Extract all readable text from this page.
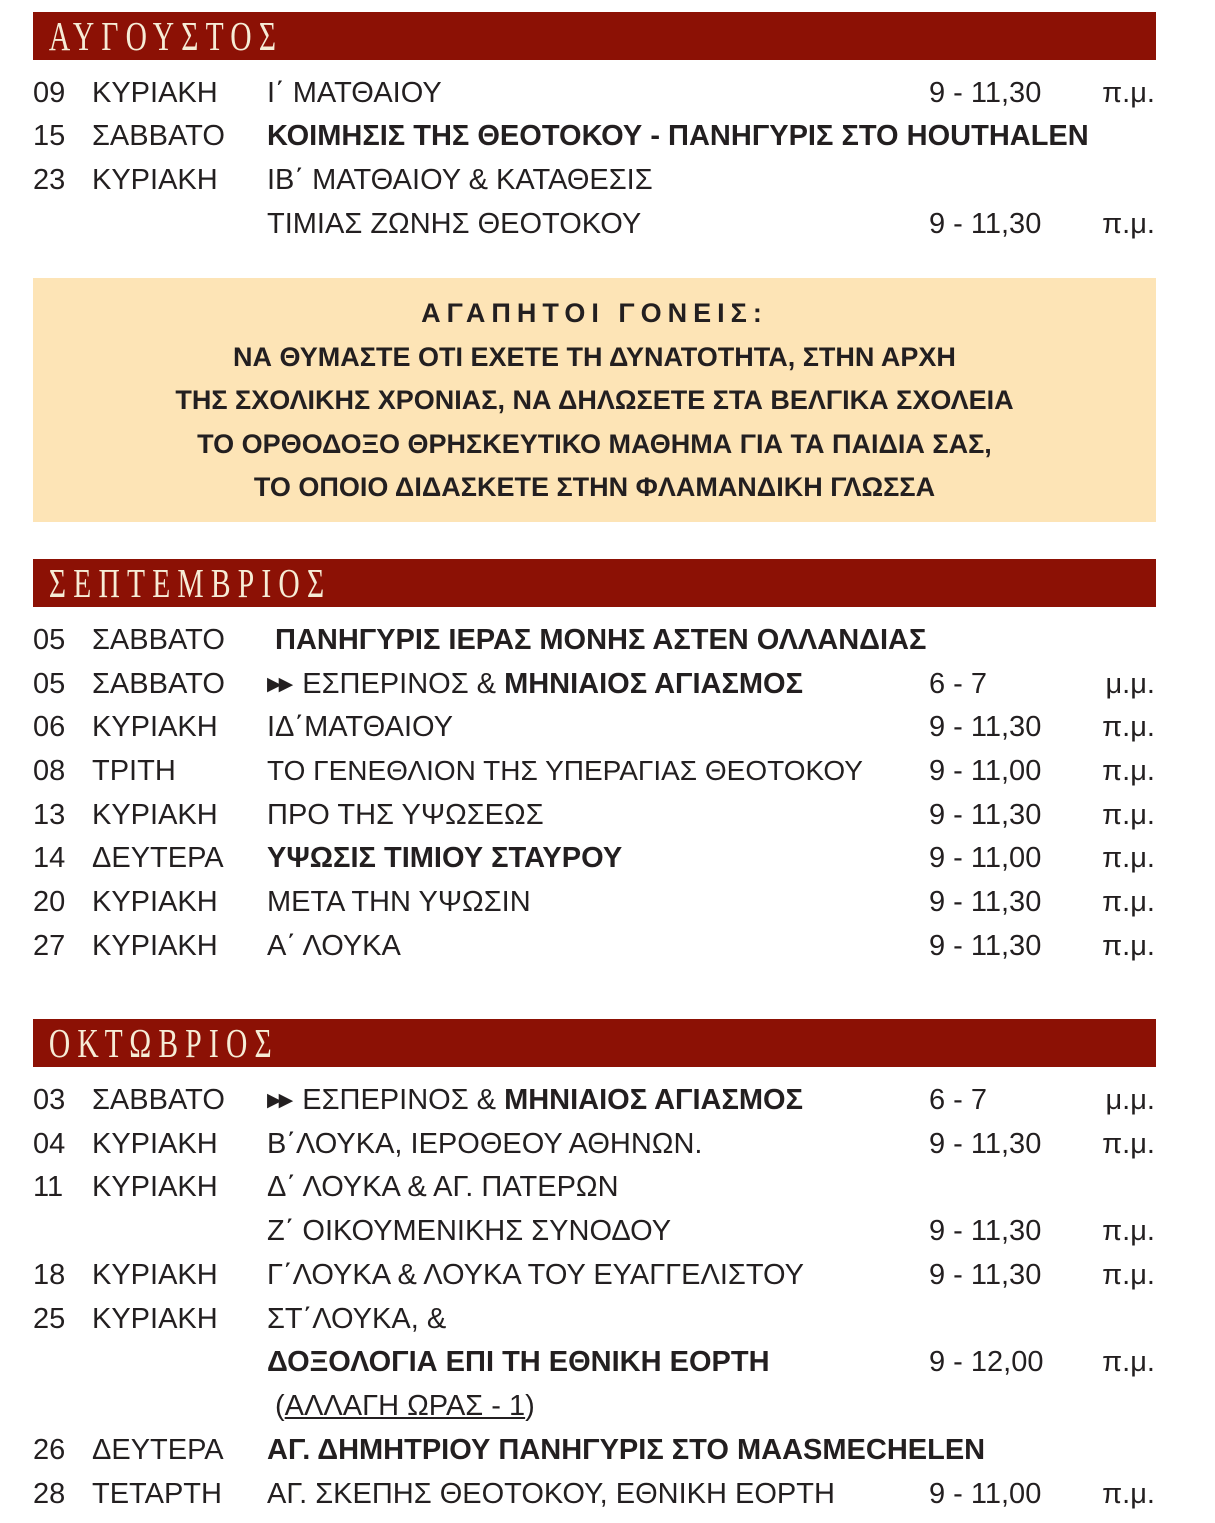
ΑΥΓΟΥΣΤΟΣ
09 ΚΥΡΙΑΚΗ Ι΄ ΜΑΤΘΑΙΟΥ	9 - 11,30 π.μ.
15 ΣΑΒΒΑΤΟ ΚΟΙΜΗΣΙΣ ΤΗΣ ΘΕΟΤΟΚΟΥ - ΠΑΝΗΓΥΡΙΣ ΣΤΟ HOUTHALEN
23 ΚΥΡΙΑΚΗ ΙΒ΄ ΜΑΤΘΑΙΟΥ & ΚΑΤΑΘΕΣΙΣ
ΤΙΜΙΑΣ ΖΩΝΗΣ ΘΕΟΤΟΚΟΥ	9 - 11,30 π.μ.
ΑΓΑΠΗΤΟΙ ΓΟΝΕΙΣ:
ΝΑ ΘΥΜΑΣΤΕ ΟΤΙ ΕΧΕΤΕ ΤΗ ΔΥΝΑΤΟΤΗΤΑ, ΣΤΗΝ ΑΡΧΗ
ΤΗΣ ΣΧΟΛΙΚΗΣ ΧΡΟΝΙΑΣ, ΝΑ ΔΗΛΩΣΕΤΕ ΣΤΑ ΒΕΛΓΙΚΑ ΣΧΟΛΕΙΑ
ΤΟ ΟΡΘΟΔΟΞΟ ΘΡΗΣΚΕΥΤΙΚΟ ΜΑΘΗΜΑ ΓΙΑ ΤΑ ΠΑΙΔΙΑ ΣΑΣ,
ΤΟ ΟΠΟΙΟ ΔΙΔΑΣΚΕΤΕ ΣΤΗΝ ΦΛΑΜΑΝΔΙΚΗ ΓΛΩΣΣΑ
ΣΕΠΤΕΜΒΡΙΟΣ
05 ΣΑΒΒΑΤΟ ΠΑΝΗΓΥΡΙΣ ΙΕΡΑΣ ΜΟΝΗΣ ΑΣΤΕΝ ΟΛΛΑΝΔΙΑΣ
05 ΣΑΒΒΑΤΟ ▶▶ ΕΣΠΕΡΙΝΟΣ & ΜΗΝΙΑΙΟΣ ΑΓΙΑΣΜΟΣ	6 - 7	μ.μ.
06 ΚΥΡΙΑΚΗ ΙΔ΄ΜΑΤΘΑΙΟΥ	9 - 11,30 π.μ.
08 ΤΡΙΤΗ	ΤΟ ΓΕΝΕΘΛΙΟΝ ΤΗΣ ΥΠΕΡΑΓΙΑΣ ΘΕΟΤΟΚΟΥ 9 - 11,00 π.μ.
13 ΚΥΡΙΑΚΗ ΠΡΟ ΤΗΣ ΥΨΩΣΕΩΣ	9 - 11,30 π.μ.
14 ΔΕΥΤΕΡΑ ΥΨΩΣΙΣ ΤΙΜΙΟΥ ΣΤΑΥΡΟΥ	9 - 11,00 π.μ.
20 ΚΥΡΙΑΚΗ ΜΕΤΑ ΤΗΝ ΥΨΩΣΙΝ	9 - 11,30 π.μ.
27 ΚΥΡΙΑΚΗ Α΄ ΛΟΥΚΑ	9 - 11,30 π.μ.
ΟΚΤΩΒΡΙΟΣ
03 ΣΑΒΒΑΤΟ ▶▶ ΕΣΠΕΡΙΝΟΣ & ΜΗΝΙΑΙΟΣ ΑΓΙΑΣΜΟΣ	6 - 7	μ.μ.
04 ΚΥΡΙΑΚΗ Β΄ΛΟΥΚΑ, ΙΕΡΟΘΕΟΥ ΑΘΗΝΩΝ.	9 - 11,30 π.μ.
11 ΚΥΡΙΑΚΗ Δ΄ ΛΟΥΚΑ & ΑΓ. ΠΑΤΕΡΩΝ
Ζ΄ ΟΙΚΟΥΜΕΝΙΚΗΣ ΣΥΝΟΔΟΥ	9 - 11,30 π.μ.
18 ΚΥΡΙΑΚΗ Γ΄ΛΟΥΚΑ & ΛΟΥΚΑ ΤΟΥ ΕΥΑΓΓΕΛΙΣΤΟΥ	9 - 11,30 π.μ.
25 ΚΥΡΙΑΚΗ ΣΤ΄ΛΟΥΚΑ, &
ΔΟΞΟΛΟΓΙΑ ΕΠΙ ΤΗ ΕΘΝΙΚΗ ΕΟΡΤΗ	9 - 12,00 π.μ.
(ΑΛΛΑΓΗ ΩΡΑΣ - 1)
26 ΔΕΥΤΕΡΑ ΑΓ. ΔΗΜΗΤΡΙΟΥ ΠΑΝΗΓΥΡΙΣ ΣΤΟ MAASMECHELEN
28 ΤΕΤΑΡΤΗ ΑΓ. ΣΚΕΠΗΣ ΘΕΟΤΟΚΟΥ, ΕΘΝΙΚΗ ΕΟΡΤΗ	9 - 11,00 π.μ.
